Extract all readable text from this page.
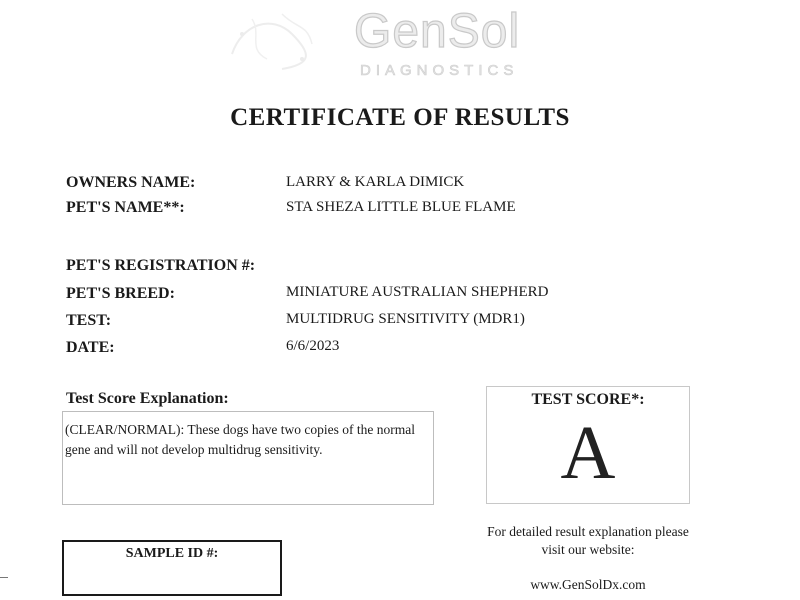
GenSol
DIAGNOSTICS
CERTIFICATE OF RESULTS
OWNERS NAME:	LARRY & KARLA DIMICK
PET'S NAME**:	STA SHEZA LITTLE BLUE FLAME
PET'S REGISTRATION #:
PET'S BREED:	MINIATURE AUSTRALIAN SHEPHERD
TEST:	MULTIDRUG SENSITIVITY (MDR1)
DATE:	6/6/2023
Test Score Explanation:
(CLEAR/NORMAL): These dogs have two copies of the normal gene and will not develop multidrug sensitivity.
TEST SCORE*:
A
For detailed result explanation please visit our website:
www.GenSolDx.com
SAMPLE ID #:
